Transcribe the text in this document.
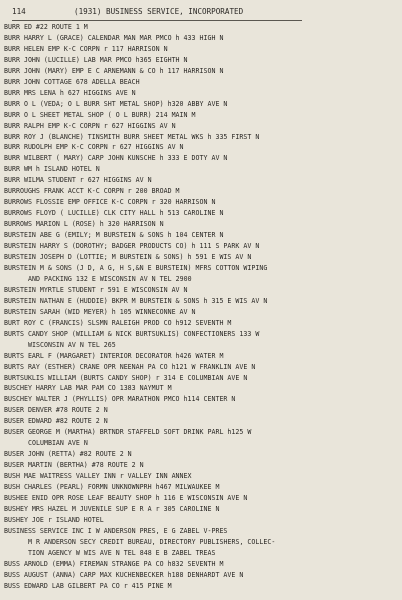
114	(1931) BUSINESS SERVICE, INCORPORATED
BURR ED #22 ROUTE 1 M
BURR HARRY L (GRACE) CALENDAR MAN MAR PMCO h 433 HIGH N
BURR HELEN EMP K-C CORPN r 117 HARRISON N
BURR JOHN (LUCILLE) LAB MAR PMCO h365 EIGHTH N
BURR JOHN (MARY) EMP E C ARNEMANN & CO h 117 HARRISON N
BURR JOHN COTTAGE 678 ADELLA BEACH
BURR MRS LENA h 627 HIGGINS AVE N
BURR O L (VEDA; O L BURR SHT METAL SHOP) h320 ABBY AVE N
BURR O L SHEET METAL SHOP ( O L BURR) 214 MAIN M
BURR RALPH EMP K-C CORPN r 627 HIGGINS AV N
BURR ROY J (BLANCHE) TINSMITH BURR SHEET METAL WKS h 335 FIRST N
BURR RUDOLPH EMP K-C CORPN r 627 HIGGINS AV N
BURR WILBERT ( MARY) CARP JOHN KUNSCHE h 333 E DOTY AV N
BURR WM h ISLAND HOTEL N
BURR WILMA STUDENT r 627 HIGGINS AV N
BURROUGHS FRANK ACCT K-C CORPN r 200 BROAD M
BURROWS FLOSSIE EMP OFFICE K-C CORPN r 320 HARRISON N
BURROWS FLOYD ( LUCILLE) CLK CITY HALL h 513 CAROLINE N
BURROWS MARION L (ROSE) h 320 HARRISON N
BURSTEIN ABE G (EMILY; M BURSTEIN & SONS h 104 CENTER N
BURSTEIN HARRY S (DOROTHY; BADGER PRODUCTS CO) h 111 S PARK AV N
BURSTEIN JOSEPH D (LOTTIE; M BURSTEIN & SONS) h 591 E WIS AV N
BURSTEIN M & SONS (J D, A G, H S,&N E BURSTEIN) MFRS COTTON WIPING
AND PACKING 132 E WISCONSIN AV N TEL 2900
BURSTEIN MYRTLE STUDENT r 591 E WISCONSIN AV N
BURSTEIN NATHAN E (HUDDIE) BKPR M BURSTEIN & SONS h 315 E WIS AV N
BURSTEIN SARAH (WID MEYER) h 105 WINNECONNE AV N
BURT ROY C (FRANCIS) SLSMN RALEIGH PROD CO h912 SEVENTH M
BURTS CANDY SHOP (WILLIAM & NICK BURTSUKLIS) CONFECTIONERS 133 W
WISCONSIN AV N TEL 265
BURTS EARL F (MARGARET) INTERIOR DECORATOR h426 WATER M
BURTS RAY (ESTHER) CRANE OPR NEENAH PA CO h121 W FRANKLIN AVE N
BURTSUKLIS WILLIAM (BURTS CANDY SHOP) r 314 E COLUMBIAN AVE N
BUSCHEY HARRY LAB MAR PAM CO 1383 NAYMUT M
BUSCHEY WALTER J (PHYLLIS) OPR MARATHON PMCO h114 CENTER N
BUSER DENVER #78 ROUTE 2 N
BUSER EDWARD #82 ROUTE 2 N
BUSER GEORGE M (MARTHA) BRTNDR STAFFELD SOFT DRINK PARL h125 W
COLUMBIAN AVE N
BUSER JOHN (RETTA) #82 ROUTE 2 N
BUSER MARTIN (BERTHA) #78 ROUTE 2 N
BUSH MAE WAITRESS VALLEY INN r VALLEY INN ANNEX
BUSH CHARLES (PEARL) FORMN UNKNOWNPRH h467 MILWAUKEE M
BUSHEE ENID OPR ROSE LEAF BEAUTY SHOP h 116 E WISCONSIN AVE N
BUSHEY MRS HAZEL M JUVENILE SUP E R A r 305 CAROLINE N
BUSHEY JOE r ISLAND HOTEL
BUSINESS SERVICE INC I W ANDERSON PRES, E G ZABEL V-PRES
M R ANDERSON SECY CREDIT BUREAU, DIRECTORY PUBLISHERS, COLLEC-
TION AGENCY W WIS AVE N TEL 848 E B ZABEL TREAS
BUSS ARNOLD (EMMA) FIREMAN STRANGE PA CO h832 SEVENTH M
BUSS AUGUST (ANNA) CARP MAX KUCHENBECKER h188 DENHARDT AVE N
BUSS EDWARD LAB GILBERT PA CO r 415 PINE M
